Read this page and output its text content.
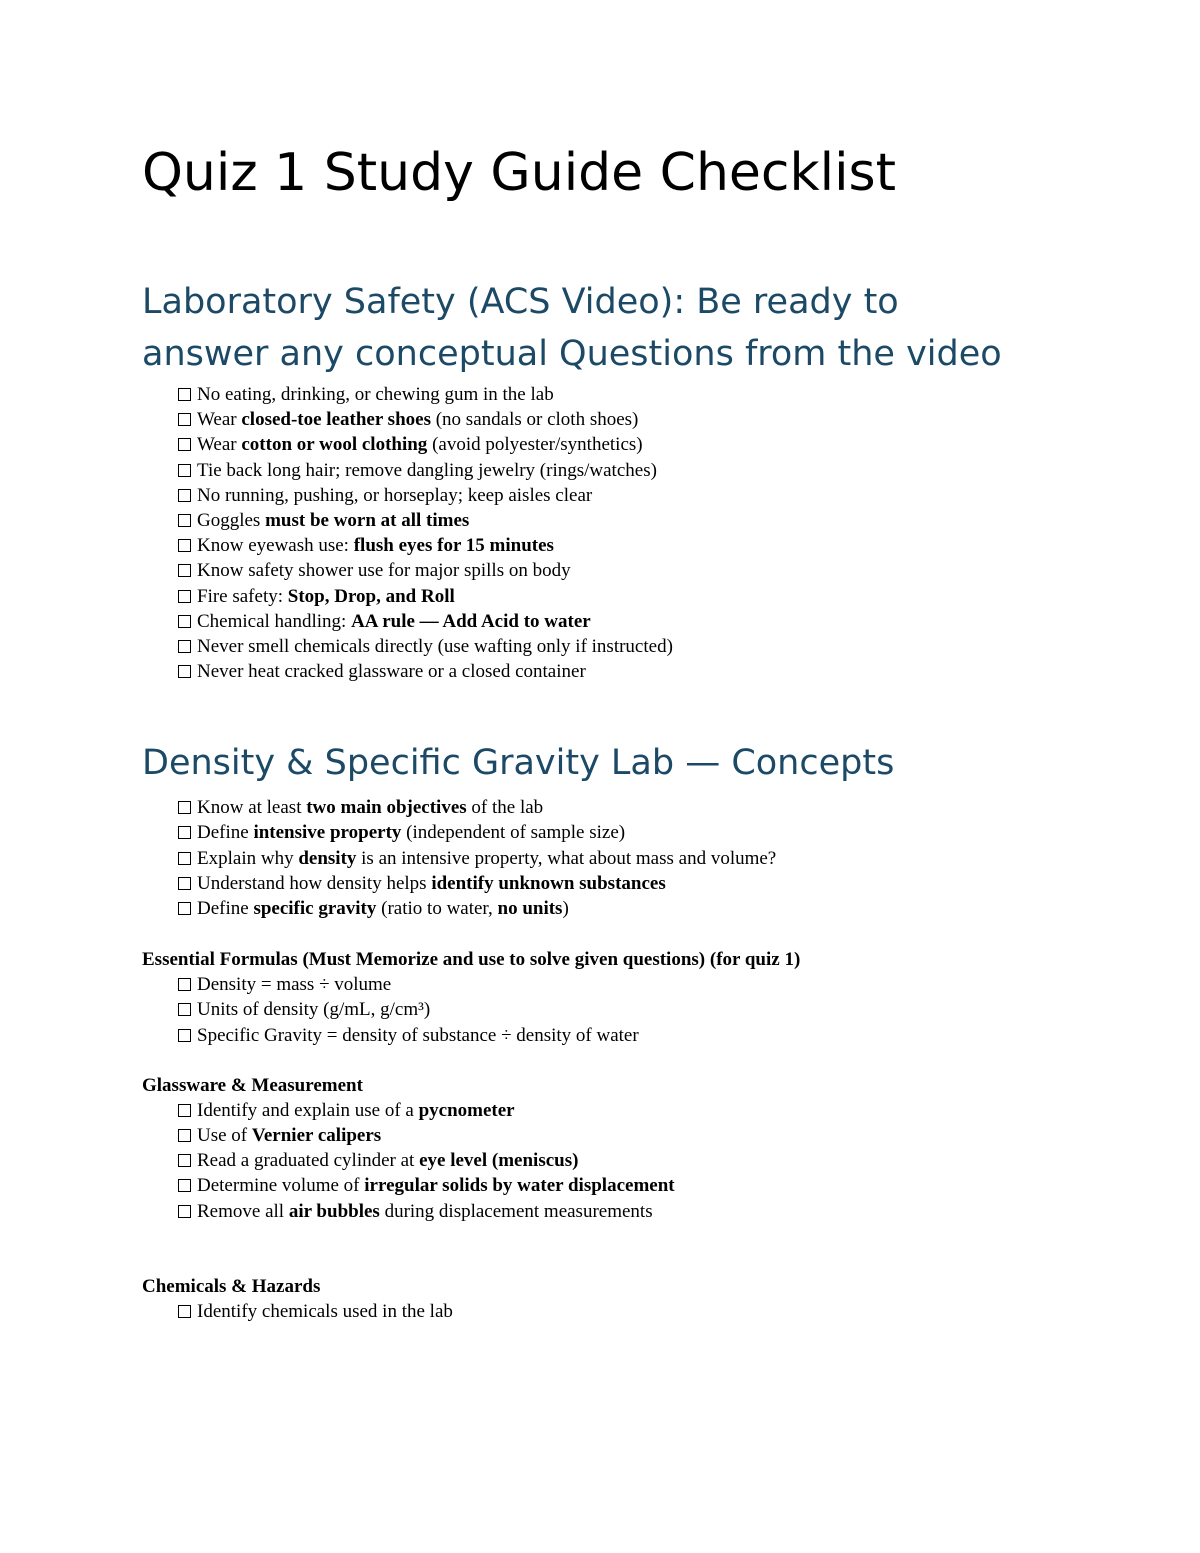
Quiz 1 Study Guide Checklist
Laboratory Safety (ACS Video): Be ready to answer any conceptual Questions from the video
No eating, drinking, or chewing gum in the lab
Wear closed-toe leather shoes (no sandals or cloth shoes)
Wear cotton or wool clothing (avoid polyester/synthetics)
Tie back long hair; remove dangling jewelry (rings/watches)
No running, pushing, or horseplay; keep aisles clear
Goggles must be worn at all times
Know eyewash use: flush eyes for 15 minutes
Know safety shower use for major spills on body
Fire safety: Stop, Drop, and Roll
Chemical handling: AA rule — Add Acid to water
Never smell chemicals directly (use wafting only if instructed)
Never heat cracked glassware or a closed container
Density & Specific Gravity Lab — Concepts
Know at least two main objectives of the lab
Define intensive property (independent of sample size)
Explain why density is an intensive property, what about mass and volume?
Understand how density helps identify unknown substances
Define specific gravity (ratio to water, no units)

Essential Formulas (Must Memorize and use to solve given questions) (for quiz 1)

Density = mass ÷ volume
Units of density (g/mL, g/cm³)
Specific Gravity = density of substance ÷ density of water

Glassware & Measurement

Identify and explain use of a pycnometer
Use of Vernier calipers
Read a graduated cylinder at eye level (meniscus)
Determine volume of irregular solids by water displacement
Remove all air bubbles during displacement measurements

Chemicals & Hazards

Identify chemicals used in the lab
